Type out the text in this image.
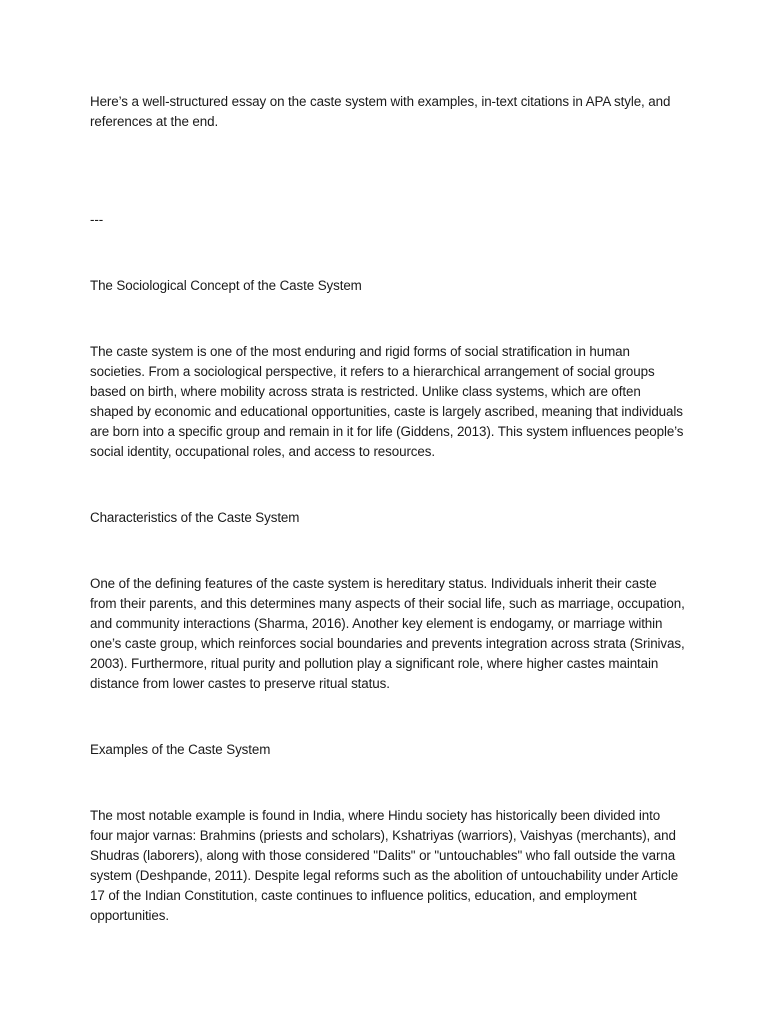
Here’s a well-structured essay on the caste system with examples, in-text citations in APA style, and references at the end.

---

The Sociological Concept of the Caste System

The caste system is one of the most enduring and rigid forms of social stratification in human societies. From a sociological perspective, it refers to a hierarchical arrangement of social groups based on birth, where mobility across strata is restricted. Unlike class systems, which are often shaped by economic and educational opportunities, caste is largely ascribed, meaning that individuals are born into a specific group and remain in it for life (Giddens, 2013). This system influences people’s social identity, occupational roles, and access to resources.

Characteristics of the Caste System

One of the defining features of the caste system is hereditary status. Individuals inherit their caste from their parents, and this determines many aspects of their social life, such as marriage, occupation, and community interactions (Sharma, 2016). Another key element is endogamy, or marriage within one’s caste group, which reinforces social boundaries and prevents integration across strata (Srinivas, 2003). Furthermore, ritual purity and pollution play a significant role, where higher castes maintain distance from lower castes to preserve ritual status.

Examples of the Caste System

The most notable example is found in India, where Hindu society has historically been divided into four major varnas: Brahmins (priests and scholars), Kshatriyas (warriors), Vaishyas (merchants), and Shudras (laborers), along with those considered "Dalits" or "untouchables" who fall outside the varna system (Deshpande, 2011). Despite legal reforms such as the abolition of untouchability under Article 17 of the Indian Constitution, caste continues to influence politics, education, and employment opportunities.
